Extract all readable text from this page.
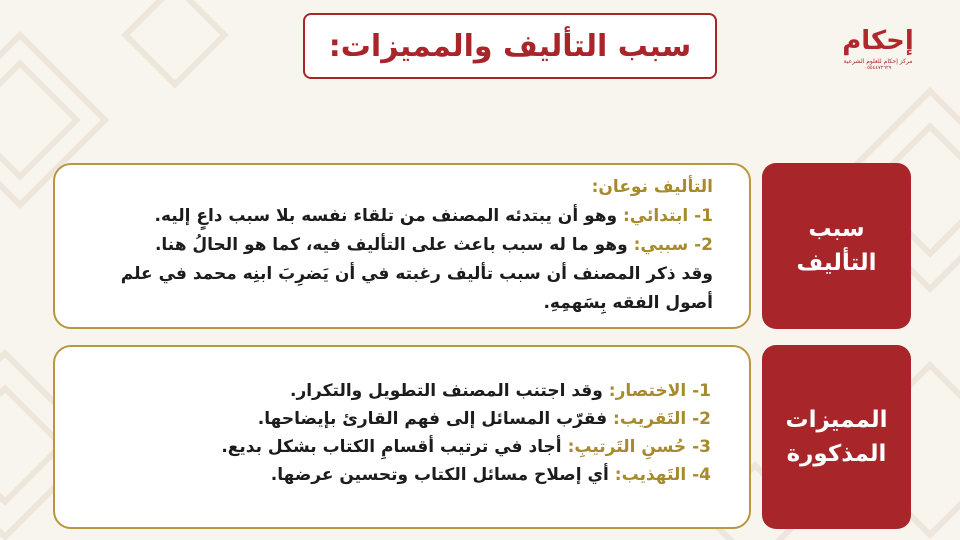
سبب التأليف والمميزات:	إحكام
مركز إحكام للعلوم الشرعية
٠٥٥٤٤٧٢٦٢٩
التأليف نوعان:
1- ابتدائي: وهو أن يبتدئه المصنف من تلقاء نفسه بلا سبب داعٍ إليه.
2- سببي: وهو ما له سبب باعث على التأليف فيه، كما هو الحالُ هنا.
وقد ذكر المصنف أن سبب تأليف رغبته في أن يَضرِبَ ابنِه محمد في علم أصول الفقه بِسَهمِهِ.
سبب
التأليف
1- الاختصار: وقد اجتنب المصنف التطويل والتكرار.
2- التَقريب: فقرّب المسائل إلى فهم القارئ بإيضاحها.
3- حُسنِ التَرتيبِ: أجاد في ترتيب أقسامِ الكتاب بشكل بديع.
4- التَهذيب: أي إصلاح مسائل الكتاب وتحسين عرضها.
المميزات
المذكورة
